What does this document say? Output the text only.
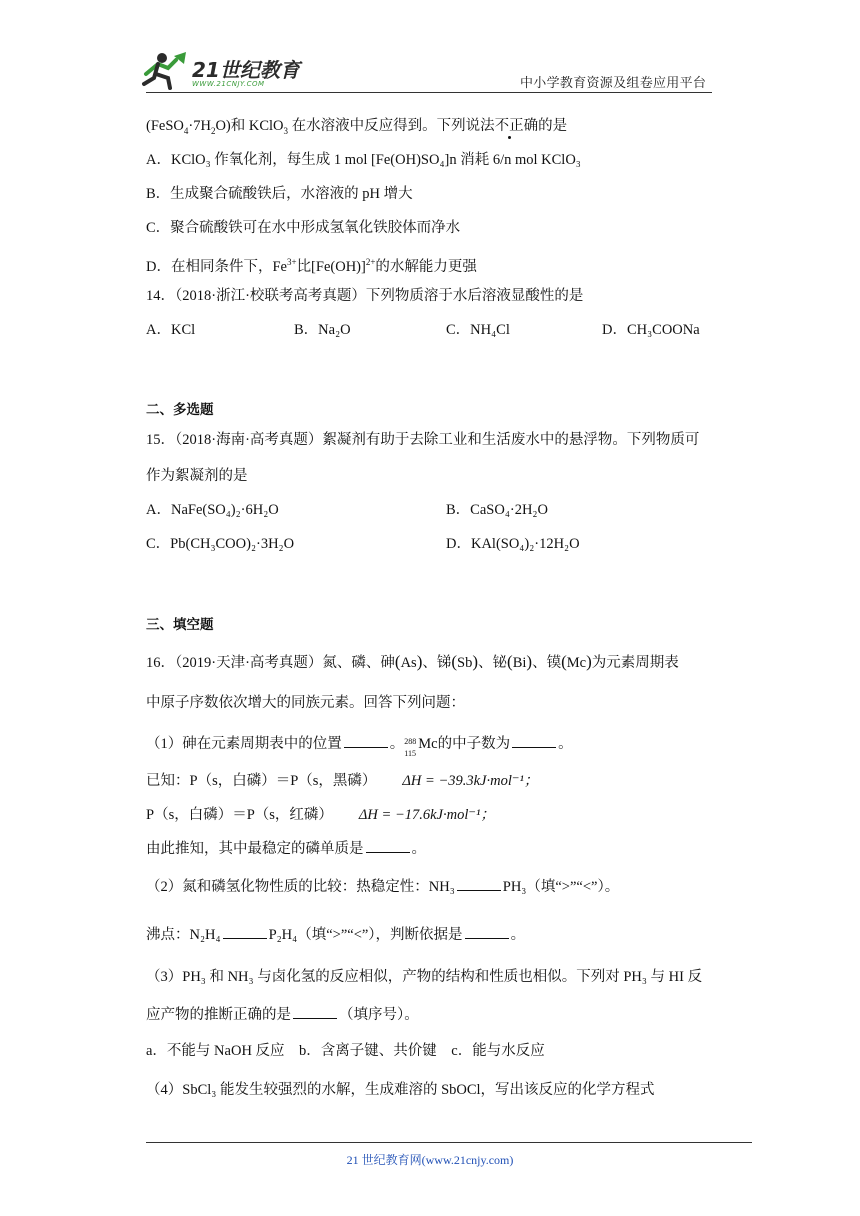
21世纪教育
WWW.21CNJY.COM	中小学教育资源及组卷应用平台
$(FeSO_4\cdot 7H_2O)$和 KClO$_3$ 在水溶液中反应得到。下列说法不正确的是
A．KClO₃ 作氧化剂，每生成 1 mol [Fe(OH)SO₄]n 消耗 6/n mol KClO₃
B．生成聚合硫酸铁后，水溶液的 pH 增大
C．聚合硫酸铁可在水中形成氢氧化铁胶体而净水
D．在相同条件下，$Fe^{3+}$比$[Fe(OH)]^{2+}$的水解能力更强
14．（2018·浙江·校联考高考真题）下列物质溶于水后溶液显酸性的是
A．KCl	B．Na₂O	C．NH₄Cl	D．CH₃COONa
二、多选题
15．（2018·海南·高考真题）絮凝剂有助于去除工业和生活废水中的悬浮物。下列物质可
作为絮凝剂的是
A．NaFe(SO₄)₂·6H₂O	B．CaSO₄·2H₂O
C．Pb(CH₃COO)₂·3H₂O	D．KAl(SO₄)₂·12H₂O
三、填空题
16．（2019·天津·高考真题）氮、磷、砷(As)、锑(Sb)、铋(Bi)、镆(Mc)为元素周期表
中原子序数依次增大的同族元素。回答下列问题：
（1）砷在元素周期表中的位置	。 288
115
Mc的中子数为	。
已知：P（s，白磷）＝P（s，黑磷） ΔH = −39.3kJ·mol⁻¹；
P（s，白磷）＝P（s，红磷） ΔH = −17.6kJ·mol⁻¹；
由此推知，其中最稳定的磷单质是	。
（2）氮和磷氢化物性质的比较：热稳定性：NH₃	PH₃（填“>”“<”）。
沸点：N₂H₄	P₂H₄（填“>”“<”），判断依据是	。
（3）PH₃ 和 NH₃ 与卤化氢的反应相似，产物的结构和性质也相似。下列对 PH₃ 与 HI 反
应产物的推断正确的是	（填序号）。
a．不能与 NaOH 反应　b．含离子键、共价键　c．能与水反应
（4）SbCl₃ 能发生较强烈的水解，生成难溶的 SbOCl，写出该反应的化学方程式
21 世纪教育网(www.21cnjy.com)
